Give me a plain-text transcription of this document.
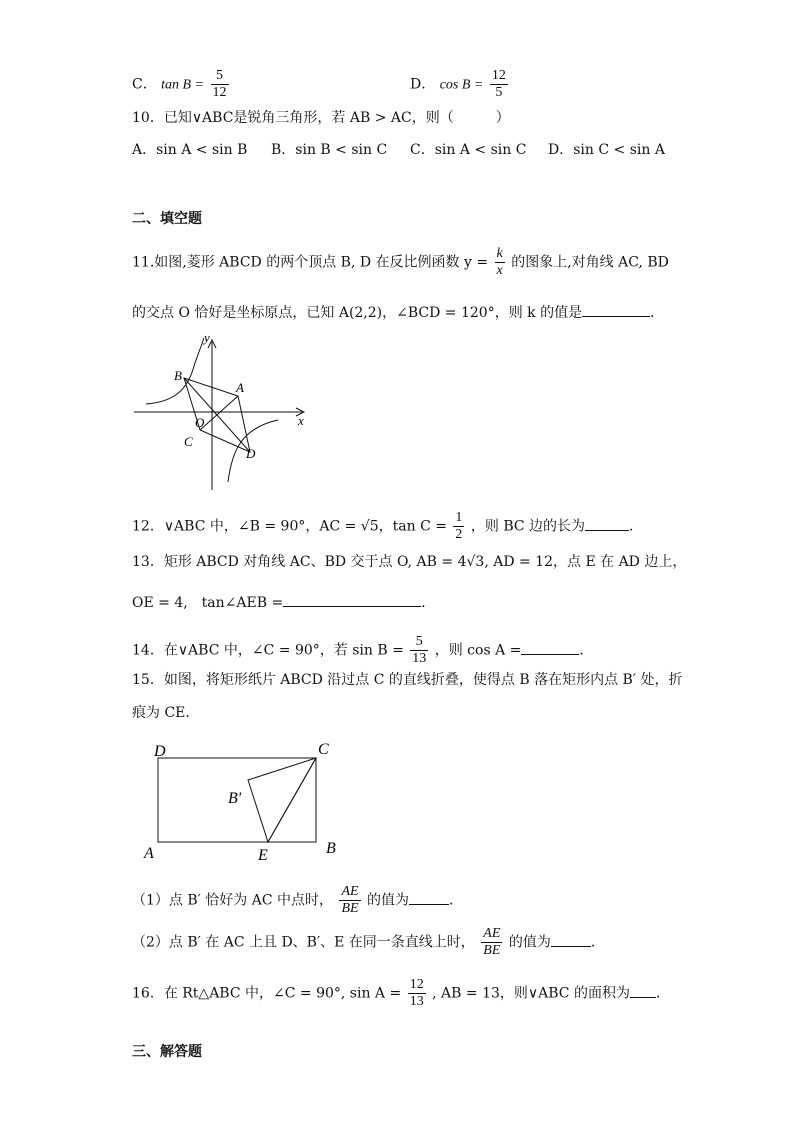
C． $\tan B = \frac{5}{12}$	D． $\cos B = \frac{12}{5}$
10．已知∨ABC是锐角三角形，若 AB > AC，则（　　　）
A．sin A < sin B B．sin B < sin C C．sin A < sin C D．sin C < sin A
二、填空题
11.如图,菱形 ABCD 的两个顶点 B, D 在反比例函数 $y = \frac{k}{x}$ 的图象上,对角线 AC, BD
的交点 O 恰好是坐标原点，已知 A(2,2)，∠BCD = 120°，则 k 的值是	．
y
x
B
A
O
C
D
12．∨ABC 中，∠B = 90°，AC = √5，$\tan C = \frac{1}{2}$ ，则 BC 边的长为	．
13．矩形 ABCD 对角线 AC、BD 交于点 O, AB = 4√3, AD = 12，点 E 在 AD 边上，
OE = 4,　tan∠AEB =	．
14．在∨ABC 中，∠C = 90°，若 $\sin B = \frac{5}{13}$ ，则 cos A =	．
15．如图，将矩形纸片 ABCD 沿过点 C 的直线折叠，使得点 B 落在矩形内点 B′ 处，折
痕为 CE．
D	C
B′
A	E	B
（1）点 B′ 恰好为 AC 中点时， $\frac{AE}{BE}$ 的值为	．
（2）点 B′ 在 AC 上且 D、B′、E 在同一条直线上时， $\frac{AE}{BE}$ 的值为	．
16．在 Rt△ABC 中，∠C = 90°, $\sin A = \frac{12}{13}$ , AB = 13，则∨ABC 的面积为 ．
三、解答题
